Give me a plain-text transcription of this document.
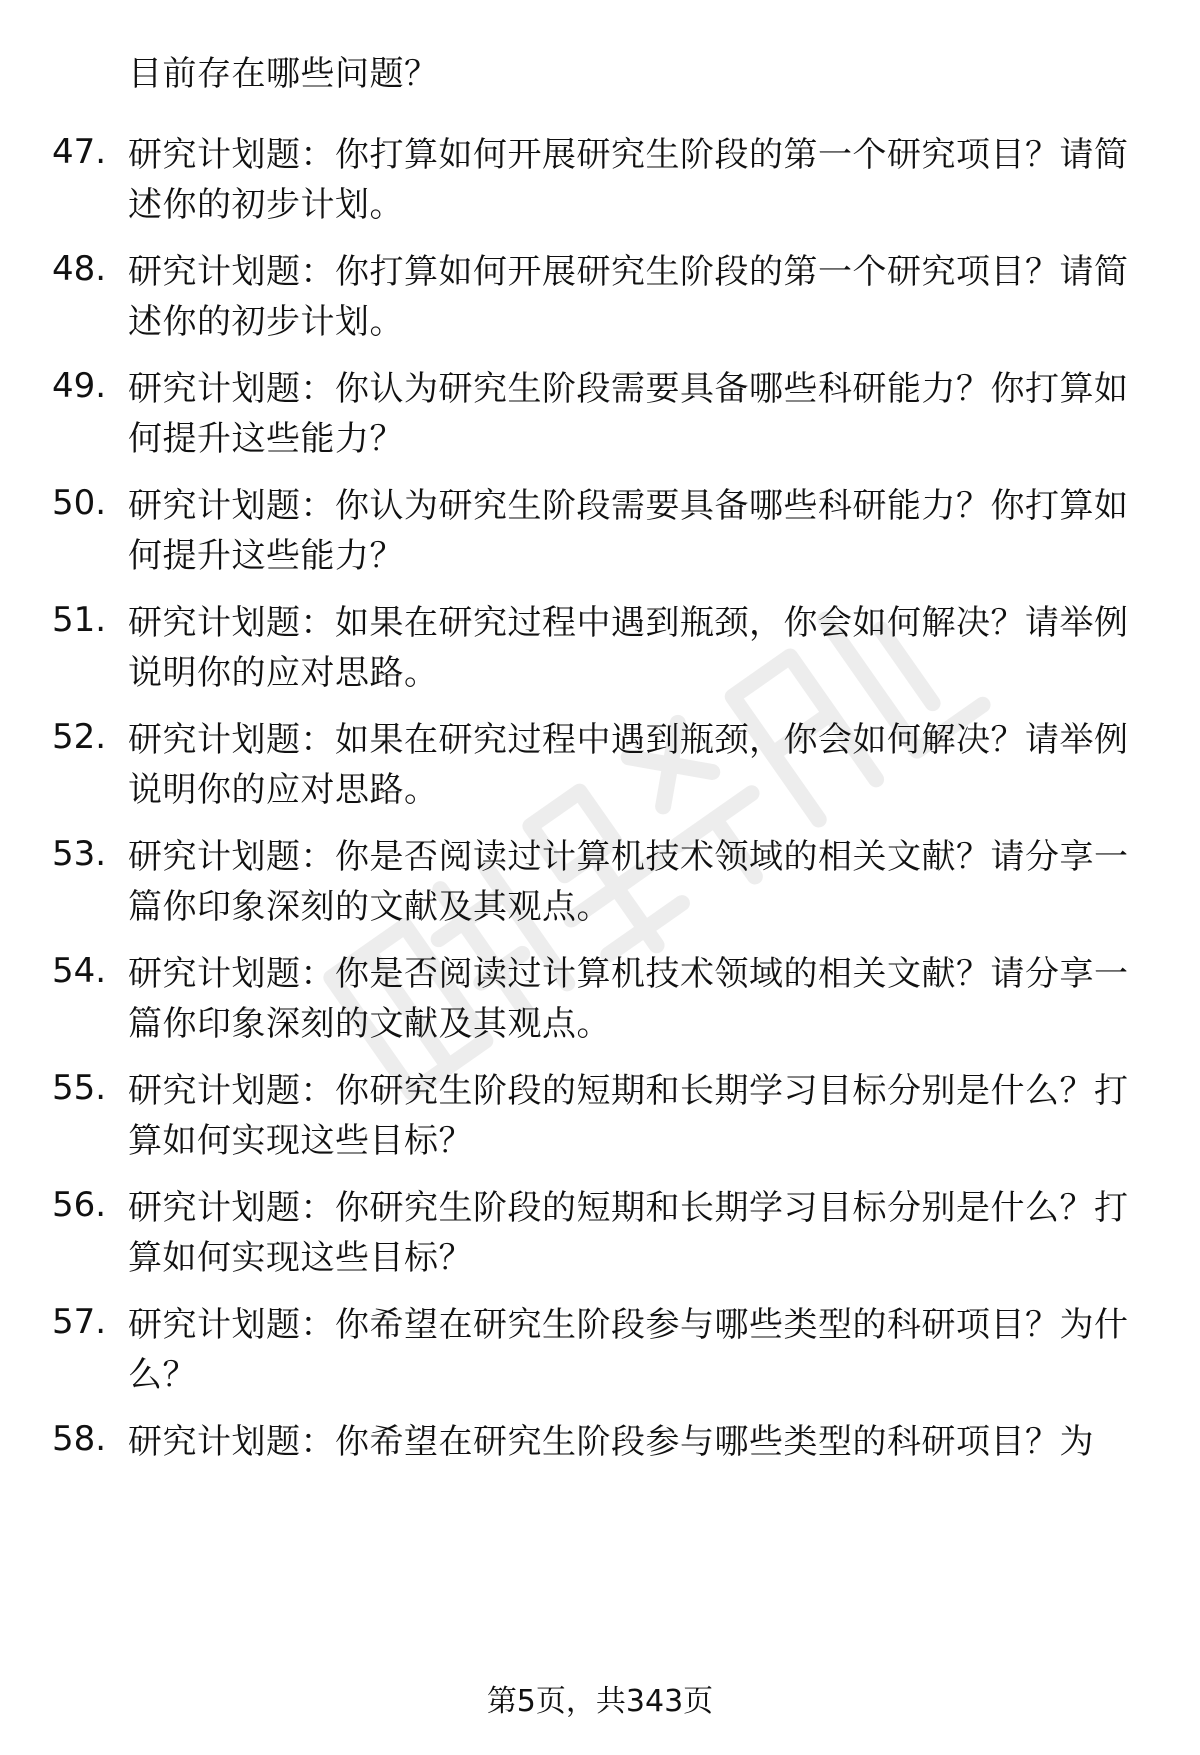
目前存在哪些问题？
47. 研究计划题：你打算如何开展研究生阶段的第一个研究项目？请简述你的初步计划。
48. 研究计划题：你打算如何开展研究生阶段的第一个研究项目？请简述你的初步计划。
49. 研究计划题：你认为研究生阶段需要具备哪些科研能力？你打算如何提升这些能力？
50. 研究计划题：你认为研究生阶段需要具备哪些科研能力？你打算如何提升这些能力？
51. 研究计划题：如果在研究过程中遇到瓶颈，你会如何解决？请举例说明你的应对思路。
52. 研究计划题：如果在研究过程中遇到瓶颈，你会如何解决？请举例说明你的应对思路。
53. 研究计划题：你是否阅读过计算机技术领域的相关文献？请分享一篇你印象深刻的文献及其观点。
54. 研究计划题：你是否阅读过计算机技术领域的相关文献？请分享一篇你印象深刻的文献及其观点。
55. 研究计划题：你研究生阶段的短期和长期学习目标分别是什么？打算如何实现这些目标？
56. 研究计划题：你研究生阶段的短期和长期学习目标分别是什么？打算如何实现这些目标？
57. 研究计划题：你希望在研究生阶段参与哪些类型的科研项目？为什么？
58. 研究计划题：你希望在研究生阶段参与哪些类型的科研项目？为
第5页，共343页
